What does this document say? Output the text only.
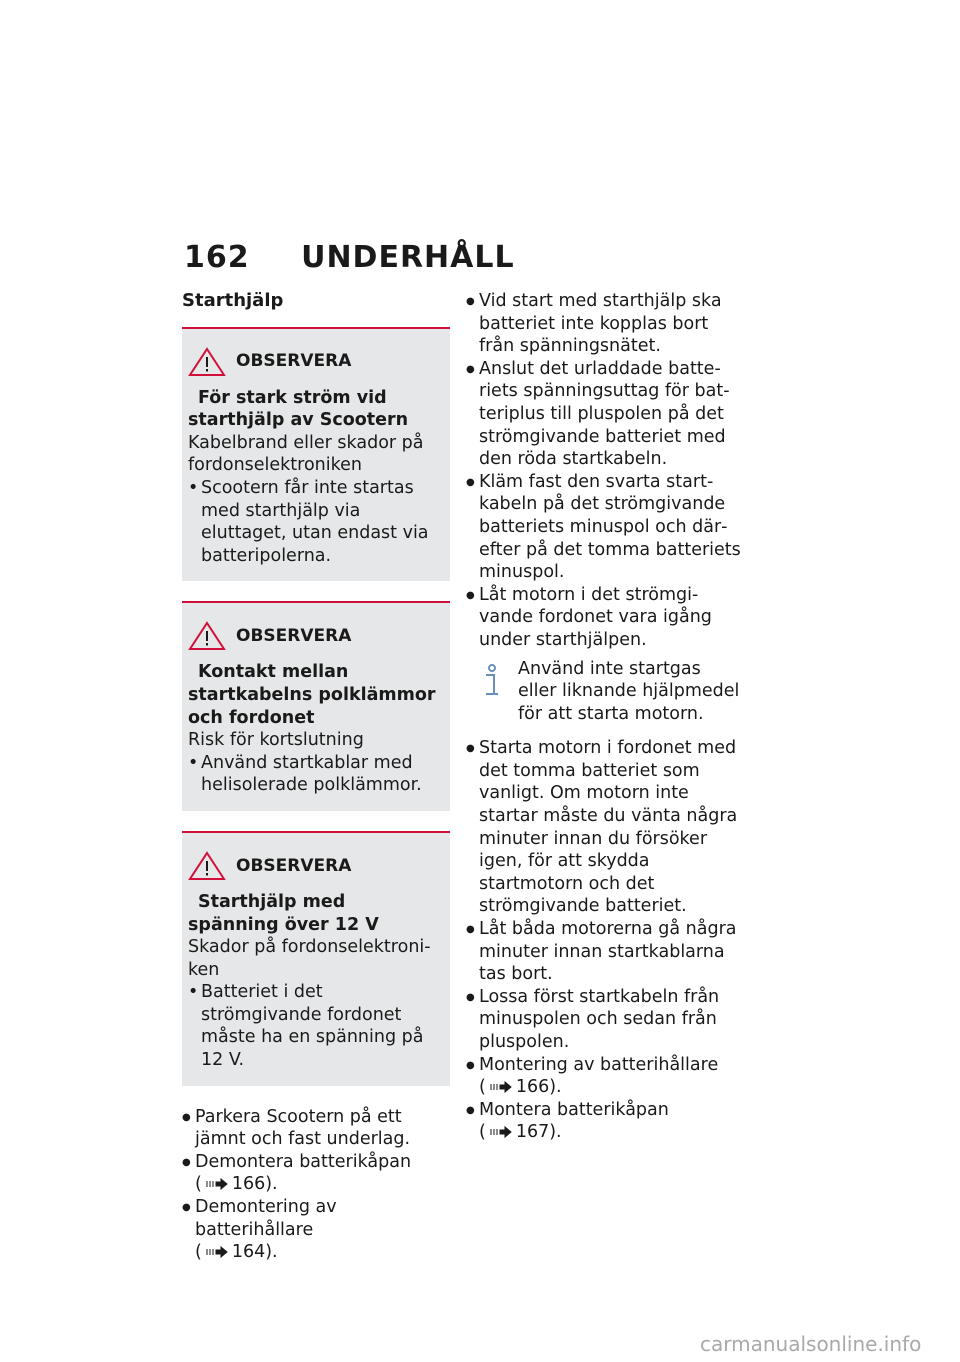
162 UNDERHÅLL
Starthjälp
OBSERVERA
För stark ström vid starthjälp av Scootern
Kabelbrand eller skador på fordonselektroniken
• Scootern får inte startas med starthjälp via eluttaget, utan endast via batteripolerna.
OBSERVERA
Kontakt mellan startkabelns polklämmor och fordonet
Risk för kortslutning
• Använd startkablar med helisolerade polklämmor.
OBSERVERA
Starthjälp med spänning över 12 V
Skador på fordonselektroniken
• Batteriet i det strömgivande fordonet måste ha en spänning på 12 V.
● Parkera Scootern på ett jämnt och fast underlag.
● Demontera batterikåpan
( 166).
● Demontering av batterihållare
( 164).
● Vid start med starthjälp ska batteriet inte kopplas bort från spänningsnätet.
● Anslut det urladdade batteriets spänningsuttag för batteriplus till pluspolen på det strömgivande batteriet med den röda startkabeln.
● Kläm fast den svarta startkabeln på det strömgivande batteriets minuspol och därefter på det tomma batteriets minuspol.
● Låt motorn i det strömgivande fordonet vara igång under starthjälpen.
Använd inte startgas eller liknande hjälpmedel för att starta motorn.
● Starta motorn i fordonet med det tomma batteriet som vanligt. Om motorn inte startar måste du vänta några minuter innan du försöker igen, för att skydda startmotorn och det strömgivande batteriet.
● Låt båda motorerna gå några minuter innan startkablarna tas bort.
● Lossa först startkabeln från minuspolen och sedan från pluspolen.
● Montering av batterihållare
( 166).
● Montera batterikåpan
( 167).
carmanualsonline.info
